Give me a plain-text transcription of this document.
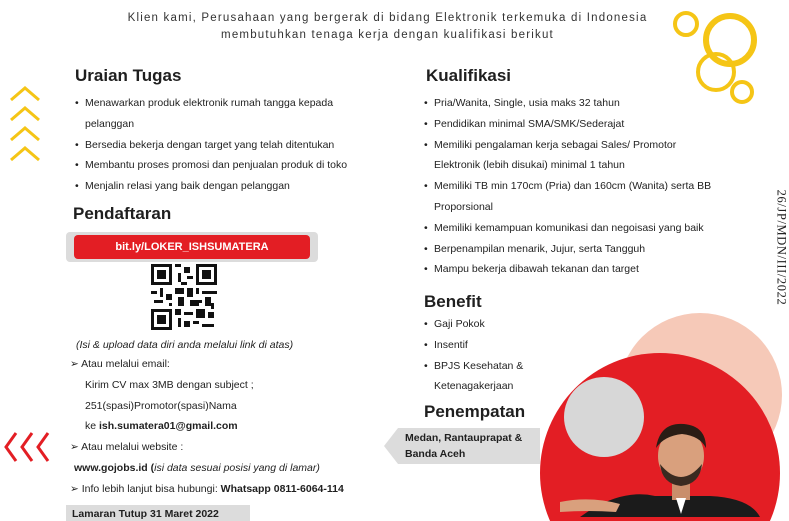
Klien kami, Perusahaan yang bergerak di bidang Elektronik terkemuka di Indonesia
membutuhkan tenaga kerja dengan kualifikasi berikut
Uraian Tugas
• Menawarkan produk elektronik rumah tangga kepada
pelanggan
• Bersedia bekerja dengan target yang telah ditentukan
• Membantu proses promosi dan penjualan produk di toko
• Menjalin relasi yang baik dengan pelanggan
Pendaftaran
bit.ly/LOKER_ISHSUMATERA
(Isi & upload data diri anda melalui link di atas)
➢ Atau melalui email:
Kirim CV max 3MB dengan subject ;
251(spasi)Promotor(spasi)Nama
ke ish.sumatera01@gmail.com
➢ Atau melalui website :
www.gojobs.id (isi data sesuai posisi yang di lamar)
➢ Info lebih lanjut bisa hubungi: Whatsapp 0811-6064-114
Lamaran Tutup 31 Maret 2022
Kualifikasi
• Pria/Wanita, Single, usia maks 32 tahun
• Pendidikan minimal SMA/SMK/Sederajat
• Memiliki pengalaman kerja sebagai Sales/ Promotor
Elektronik (lebih disukai) minimal 1 tahun
• Memiliki TB min 170cm (Pria) dan 160cm (Wanita) serta BB
Proporsional
• Memiliki kemampuan komunikasi dan negoisasi yang baik
• Berpenampilan menarik, Jujur, serta Tangguh
• Mampu bekerja dibawah tekanan dan target
Benefit
• Gaji Pokok
• Insentif
• BPJS Kesehatan &
Ketenagakerjaan
Penempatan
Medan, Rantauprapat &
Banda Aceh
26/JP/MDN/III/2022
